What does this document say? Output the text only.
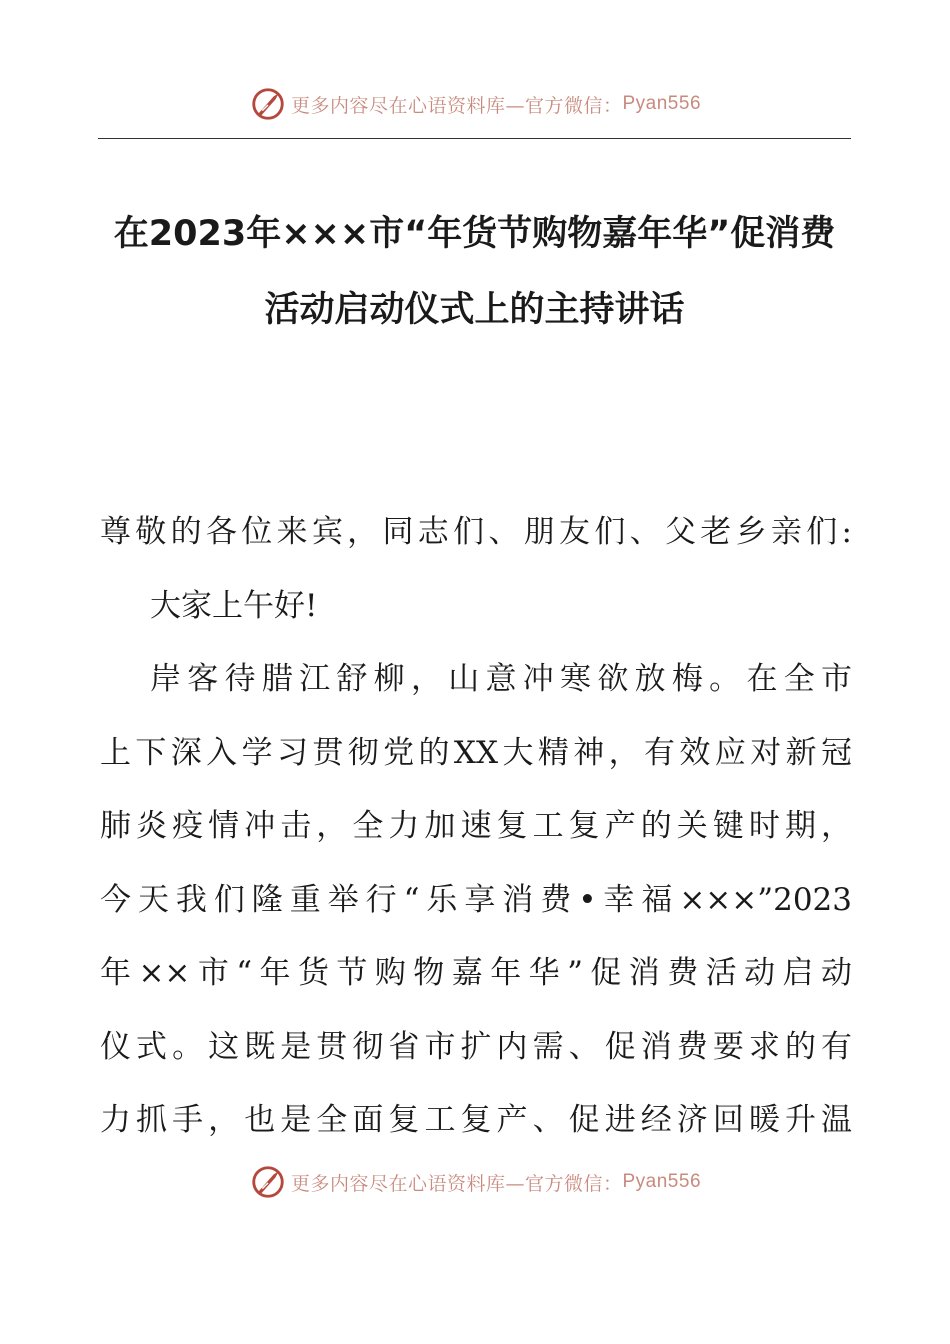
更多内容尽在心语资料库—官方微信： Pyan556
在2023年×××市“年货节购物嘉年华”促消费
活动启动仪式上的主持讲话
尊敬的各位来宾，同志们、朋友们、父老乡亲们:
大家上午好!
岸客待腊江舒柳，山意冲寒欲放梅。在全市
上下深入学习贯彻党的XX大精神，有效应对新冠
肺炎疫情冲击，全力加速复工复产的关键时期，
今天我们隆重举行“乐享消费•幸福×××”2023
年××市“年货节购物嘉年华”促消费活动启动
仪式。这既是贯彻省市扩内需、促消费要求的有
力抓手，也是全面复工复产、促进经济回暖升温
更多内容尽在心语资料库—官方微信： Pyan556
